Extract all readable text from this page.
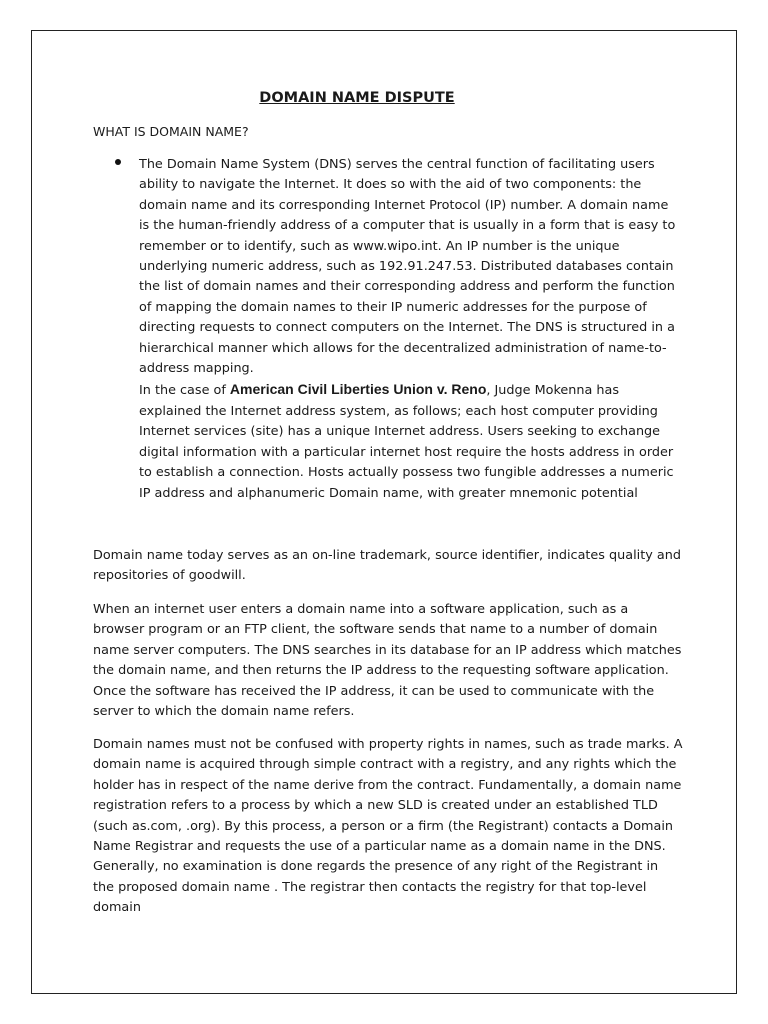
DOMAIN NAME DISPUTE
WHAT IS DOMAIN NAME?

The Domain Name System (DNS) serves the central function of facilitating users ability to navigate the Internet. It does so with the aid of two components: the domain name and its corresponding Internet Protocol (IP) number. A domain name is the human-friendly address of a computer that is usually in a form that is easy to remember or to identify, such as www.wipo.int. An IP number is the unique underlying numeric address, such as 192.91.247.53. Distributed databases contain the list of domain names and their corresponding address and perform the function of mapping the domain names to their IP numeric addresses for the purpose of directing requests to connect computers on the Internet. The DNS is structured in a hierarchical manner which allows for the decentralized administration of name-to-address mapping.

In the case of American Civil Liberties Union v. Reno, Judge Mokenna has explained the Internet address system, as follows; each host computer providing Internet services (site) has a unique Internet address. Users seeking to exchange digital information with a particular internet host require the hosts address in order to establish a connection. Hosts actually possess two fungible addresses a numeric IP address and alphanumeric Domain name, with greater mnemonic potential

Domain name today serves as an on-line trademark, source identifier, indicates quality and repositories of goodwill.

When an internet user enters a domain name into a software application, such as a browser program or an FTP client, the software sends that name to a number of domain name server computers. The DNS searches in its database for an IP address which matches the domain name, and then returns the IP address to the requesting software application. Once the software has received the IP address, it can be used to communicate with the server to which the domain name refers.

Domain names must not be confused with property rights in names, such as trade marks. A domain name is acquired through simple contract with a registry, and any rights which the holder has in respect of the name derive from the contract. Fundamentally, a domain name registration refers to a process by which a new SLD is created under an established TLD (such as.com, .org). By this process, a person or a firm (the Registrant) contacts a Domain Name Registrar and requests the use of a particular name as a domain name in the DNS. Generally, no examination is done regards the presence of any right of the Registrant in the proposed domain name . The registrar then contacts the registry for that top-level domain
